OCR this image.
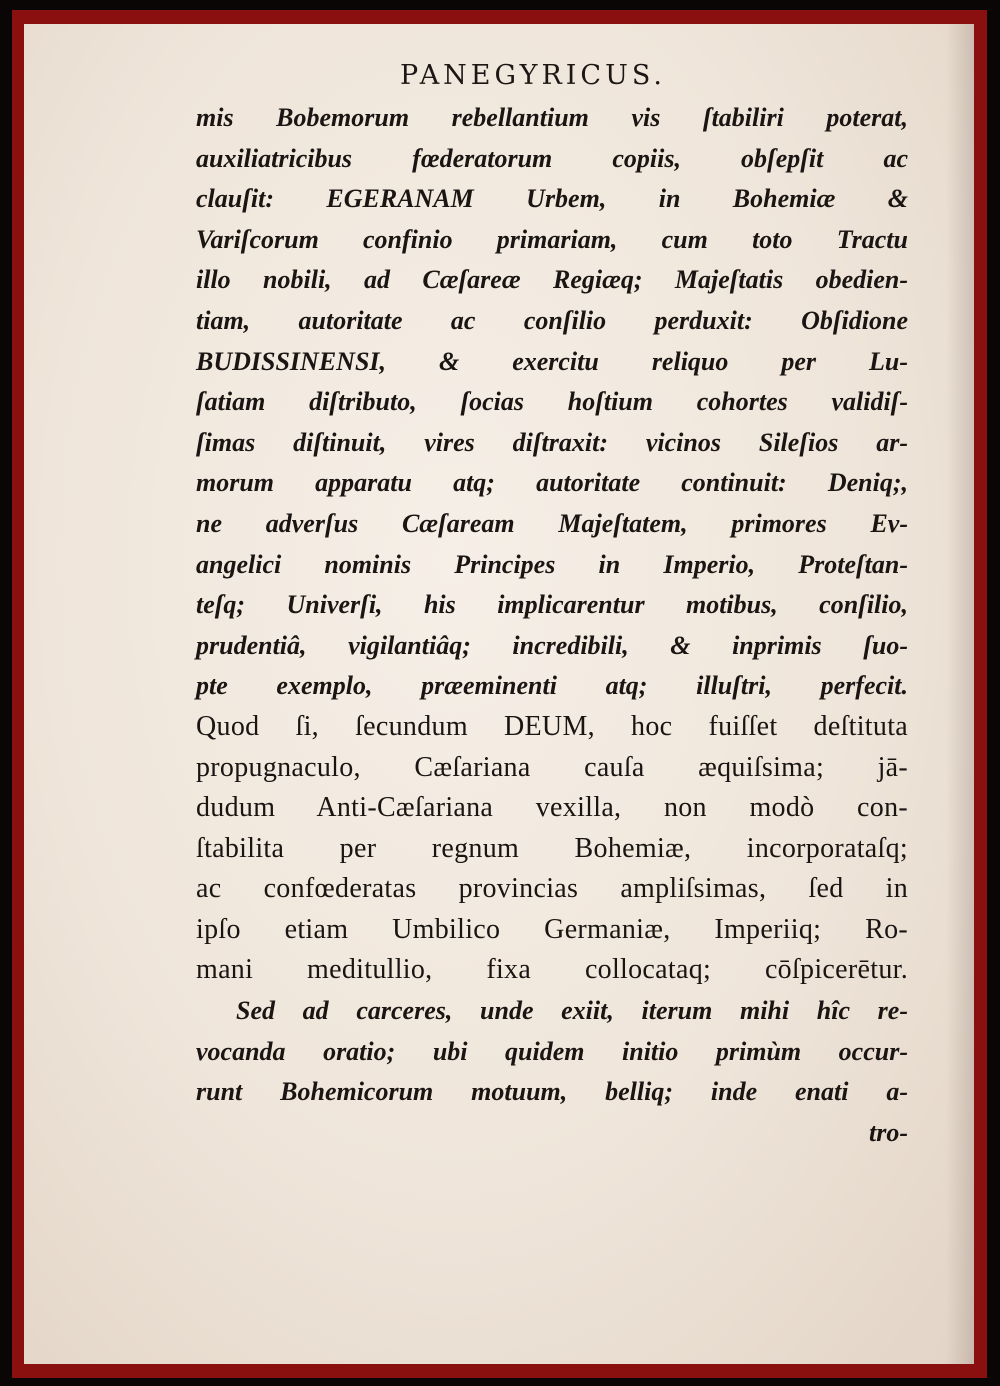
PANEGYRICUS.
mis Bobemorum rebellantium vis ſtabiliri poterat,
auxiliatricibus fœderatorum copiis, obſepſit ac
clauſit: EGERANAM Urbem, in Bohemiæ &
Variſcorum confinio primariam, cum toto Tractu
illo nobili, ad Cæſareæ Regiæq; Majeſtatis obedien-
tiam, autoritate ac conſilio perduxit: Obſidione
BUDISSINENSI, & exercitu reliquo per Lu-
ſatiam diſtributo, ſocias hoſtium cohortes validiſ-
ſimas diſtinuit, vires diſtraxit: vicinos Sileſios ar-
morum apparatu atq; autoritate continuit: Deniq;,
ne adverſus Cæſaream Majeſtatem, primores Ev-
angelici nominis Principes in Imperio, Proteſtan-
teſq; Univerſi, his implicarentur motibus, conſilio,
prudentiâ, vigilantiâq; incredibili, & inprimis ſuo-
pte exemplo, præeminenti atq; illuſtri, perfecit.
Quod ſi, ſecundum DEUM, hoc fuiſſet deſtituta
propugnaculo, Cæſariana cauſa æquiſsima; jā-
dudum Anti-Cæſariana vexilla, non modò con-
ſtabilita per regnum Bohemiæ, incorporataſq;
ac confœderatas provincias ampliſsimas, ſed in
ipſo etiam Umbilico Germaniæ, Imperiiq; Ro-
mani meditullio, fixa collocataq; cōſpicerētur.
Sed ad carceres, unde exiit, iterum mihi hîc re-
vocanda oratio; ubi quidem initio primùm occur-
runt Bohemicorum motuum, belliq; inde enati a-
tro-
